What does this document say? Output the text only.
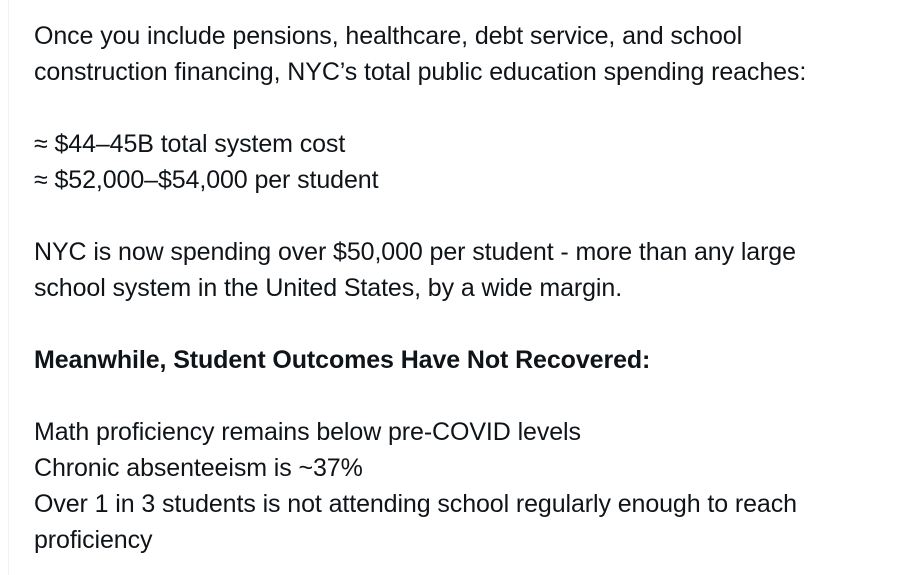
Once you include pensions, healthcare, debt service, and school
construction financing, NYC’s total public education spending reaches:
≈ $44–45B total system cost
≈ $52,000–$54,000 per student
NYC is now spending over $50,000 per student - more than any large
school system in the United States, by a wide margin.
Meanwhile, Student Outcomes Have Not Recovered:
Math proficiency remains below pre-COVID levels
Chronic absenteeism is ~37%
Over 1 in 3 students is not attending school regularly enough to reach
proficiency
